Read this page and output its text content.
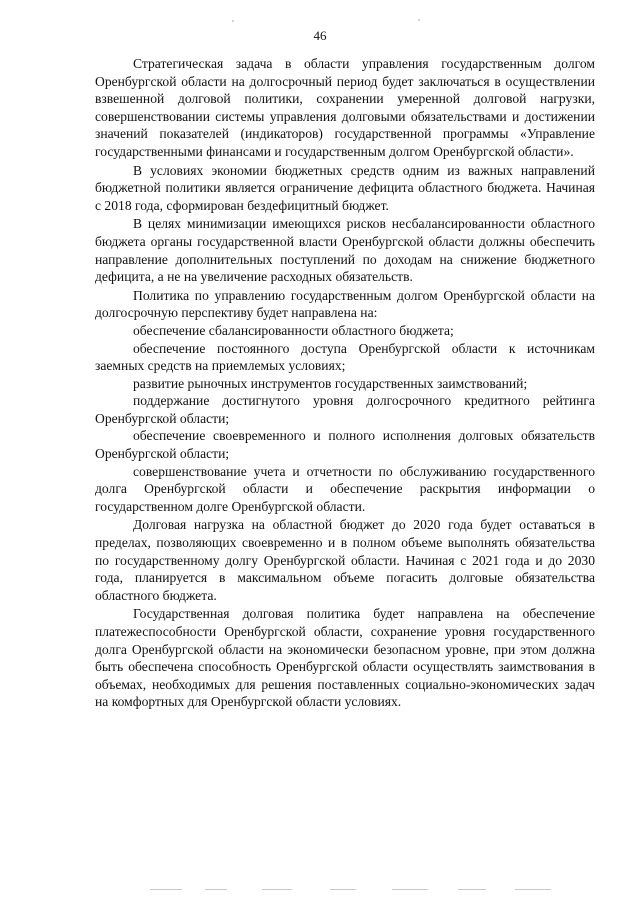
46

Стратегическая задача в области управления государственным долгом Оренбургской области на долгосрочный период будет заключаться в осуществлении взвешенной долговой политики, сохранении умеренной долговой нагрузки, совершенствовании системы управления долговыми обязательствами и достижении значений показателей (индикаторов) государственной программы «Управление государственными финансами и государственным долгом Оренбургской области».

В условиях экономии бюджетных средств одним из важных направлений бюджетной политики является ограничение дефицита областного бюджета. Начиная с 2018 года, сформирован бездефицитный бюджет.

В целях минимизации имеющихся рисков несбалансированности областного бюджета органы государственной власти Оренбургской области должны обеспечить направление дополнительных поступлений по доходам на снижение бюджетного дефицита, а не на увеличение расходных обязательств.

Политика по управлению государственным долгом Оренбургской области на долгосрочную перспективу будет направлена на:

обеспечение сбалансированности областного бюджета;

обеспечение постоянного доступа Оренбургской области к источникам заемных средств на приемлемых условиях;

развитие рыночных инструментов государственных заимствований;

поддержание достигнутого уровня долгосрочного кредитного рейтинга Оренбургской области;

обеспечение своевременного и полного исполнения долговых обязательств Оренбургской области;

совершенствование учета и отчетности по обслуживанию государственного долга Оренбургской области и обеспечение раскрытия информации о государственном долге Оренбургской области.

Долговая нагрузка на областной бюджет до 2020 года будет оставаться в пределах, позволяющих своевременно и в полном объеме выполнять обязательства по государственному долгу Оренбургской области. Начиная с 2021 года и до 2030 года, планируется в максимальном объеме погасить долговые обязательства областного бюджета.

Государственная долговая политика будет направлена на обеспечение платежеспособности Оренбургской области, сохранение уровня государственного долга Оренбургской области на экономически безопасном уровне, при этом должна быть обеспечена способность Оренбургской области осуществлять заимствования в объемах, необходимых для решения поставленных социально-экономических задач на комфортных для Оренбургской области условиях.
